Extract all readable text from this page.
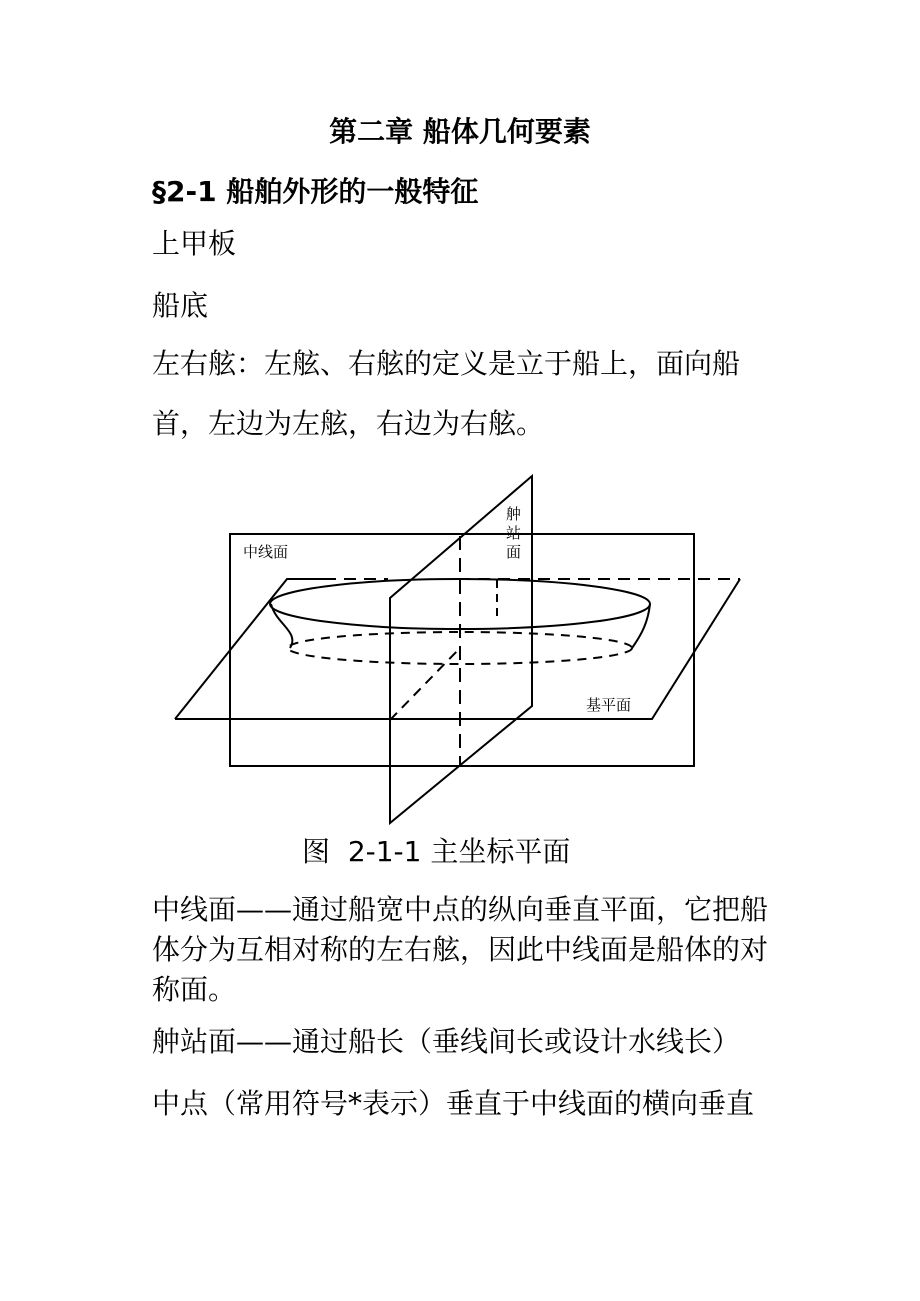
第二章 船体几何要素
§2-1 船舶外形的一般特征
上甲板
船底
左右舷：左舷、右舷的定义是立于船上，面向船
首，左边为左舷，右边为右舷。
中线面
舯
站
面
基平面
图 2-1-1 主坐标平面
中线面——通过船宽中点的纵向垂直平面，它把船体分为互相对称的左右舷，因此中线面是船体的对称面。
舯站面——通过船长（垂线间长或设计水线长）
中点（常用符号*表示）垂直于中线面的横向垂直
